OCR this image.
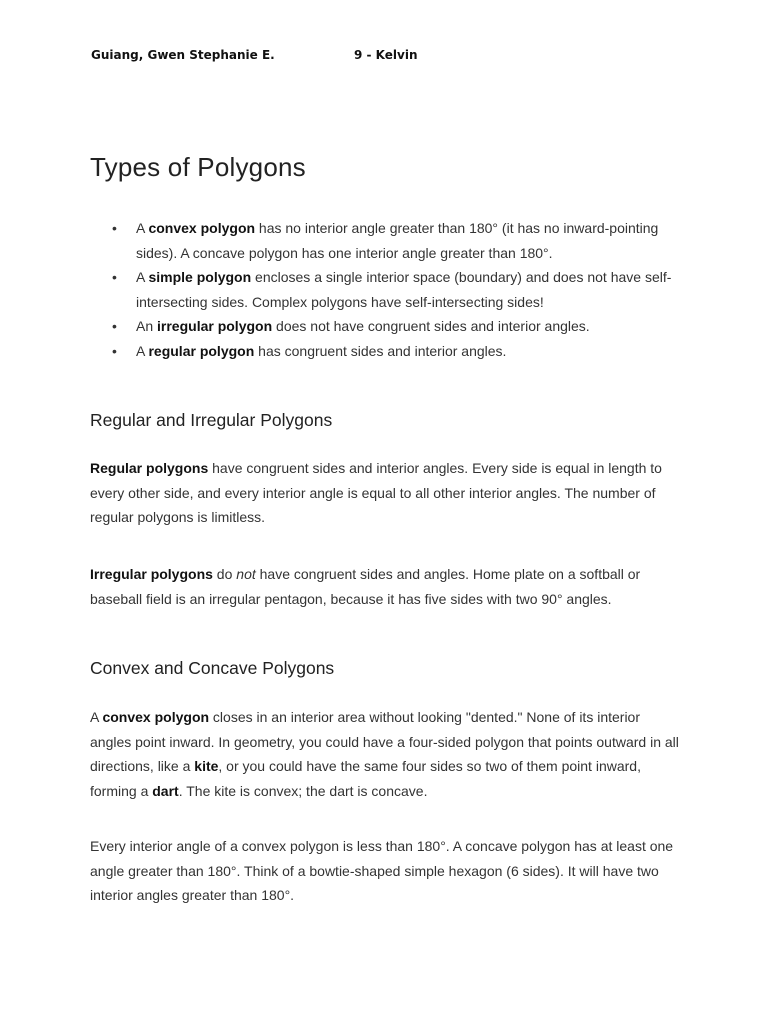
Guiang, Gwen Stephanie E.	9 - Kelvin
Types of Polygons
• A convex polygon has no interior angle greater than 180° (it has no inward-pointing
sides). A concave polygon has one interior angle greater than 180°.
• A simple polygon encloses a single interior space (boundary) and does not have self-
intersecting sides. Complex polygons have self-intersecting sides!
• An irregular polygon does not have congruent sides and interior angles.
• A regular polygon has congruent sides and interior angles.
Regular and Irregular Polygons

Regular polygons have congruent sides and interior angles. Every side is equal in length to
every other side, and every interior angle is equal to all other interior angles. The number of
regular polygons is limitless.

Irregular polygons do not have congruent sides and angles. Home plate on a softball or
baseball field is an irregular pentagon, because it has five sides with two 90° angles.

Convex and Concave Polygons

A convex polygon closes in an interior area without looking "dented." None of its interior
angles point inward. In geometry, you could have a four-sided polygon that points outward in all
directions, like a kite, or you could have the same four sides so two of them point inward,
forming a dart. The kite is convex; the dart is concave.

Every interior angle of a convex polygon is less than 180°. A concave polygon has at least one
angle greater than 180°. Think of a bowtie-shaped simple hexagon (6 sides). It will have two
interior angles greater than 180°.
